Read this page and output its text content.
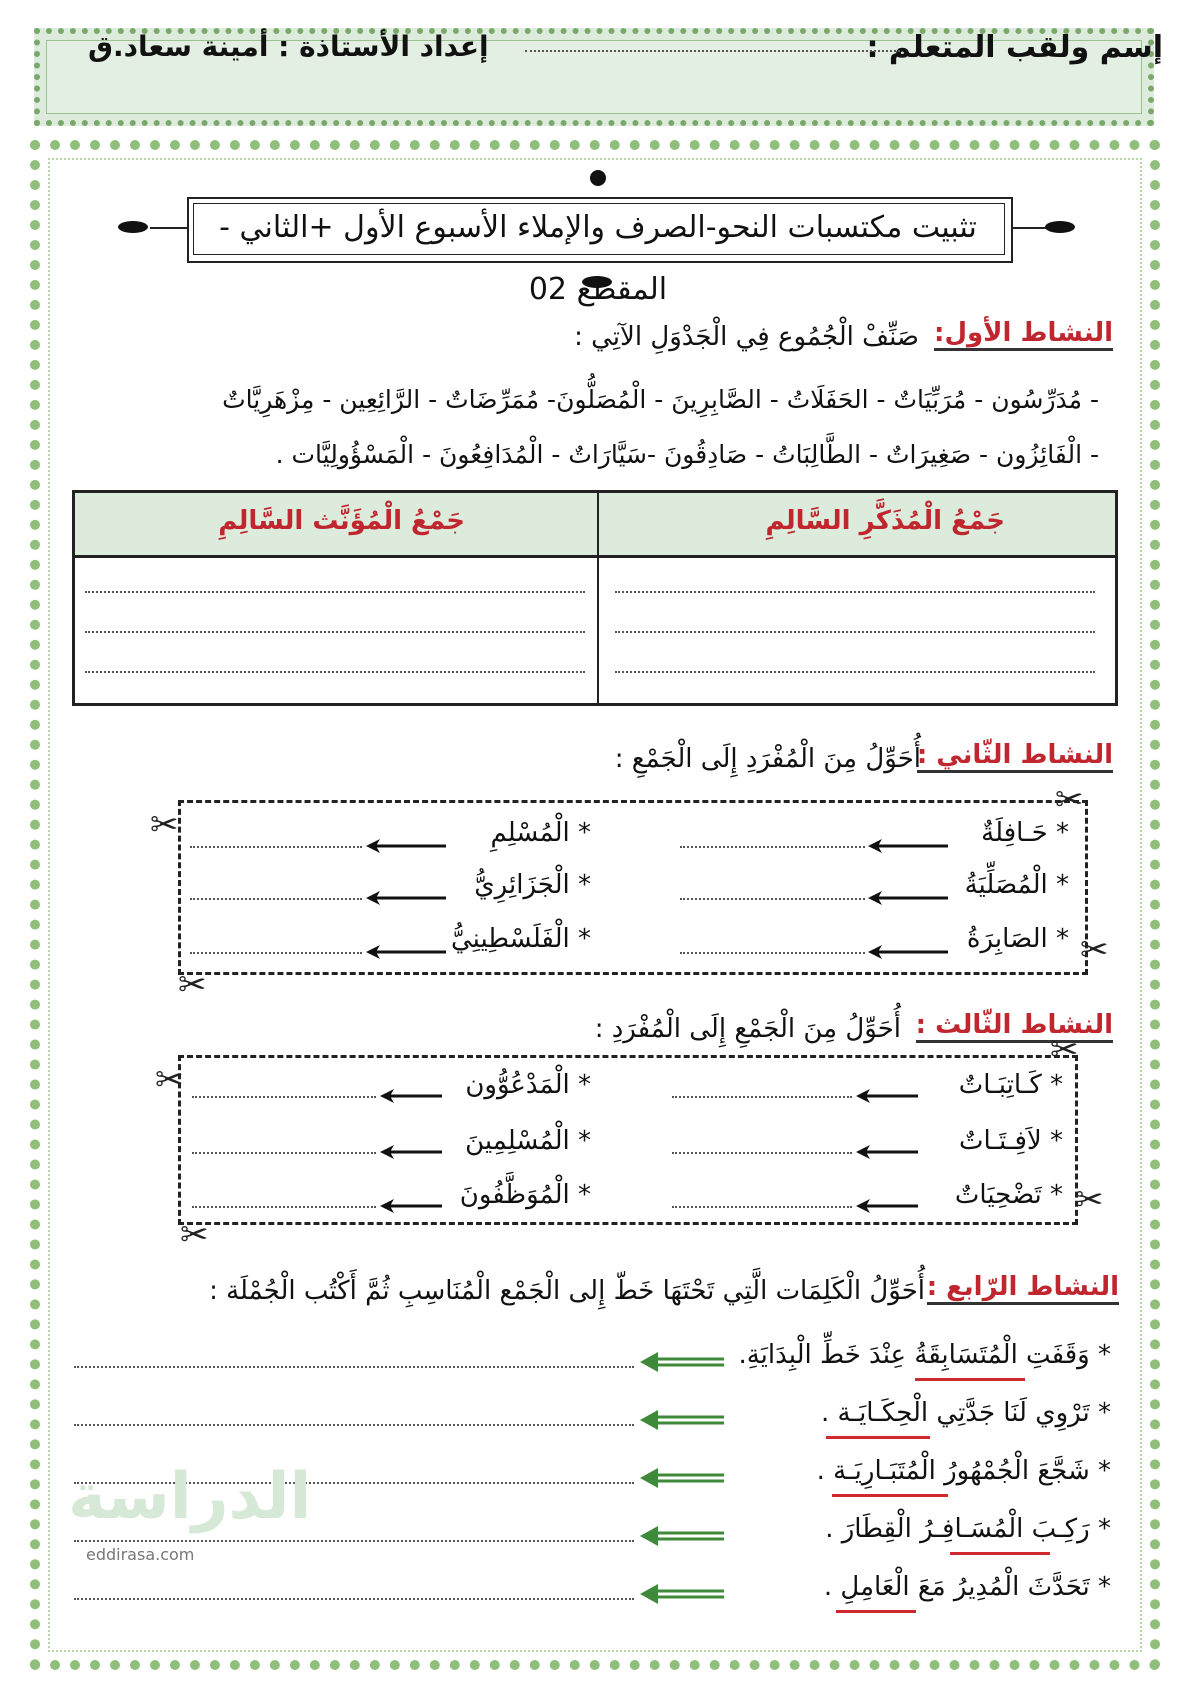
إسم ولقب المتعلم :
إعداد الأستاذة : أمينة سعاد.ق
تثبيت مكتسبات النحو-الصرف والإملاء الأسبوع الأول +الثاني - المقطع 02
النشاط الأول:
صَنِّفْ الْجُمُوع فِي الْجَدْوَلِ الآتِي :
- مُدَرِّسُون - مُرَبِّيَاتٌ - الحَفَلَاتُ - الصَّابِرِينَ - الْمُصَلُّونَ- مُمَرِّضَاتٌ - الرَّائِعِين - مِزْهَرِيَّاتٌ
- الْفَائِزُون - صَغِيرَاتٌ - الطَّالِبَاتُ - صَادِقُونَ -سَيَّارَاتٌ - الْمُدَافِعُونَ - الْمَسْؤُولِيَّات .
جَمْعُ الْمُذَكَّرِ السَّالِمِ
جَمْعُ الْمُؤَنَّث السَّالِمِ
النشاط الثّاني :
أُحَوِّلُ مِنَ الْمُفْرَدِ إِلَى الْجَمْعِ :
✂
✂
✂
✂
* حَـافِلَةٌ
* الْمُصَلِّيَةُ
* الصَابِرَةُ
* الْمُسْلِمِ
* الْجَزَائِرِيُّ
* الْفَلَسْطِينِيُّ
النشاط الثّالث :
أُحَوِّلُ مِنَ الْجَمْعِ إِلَى الْمُفْرَدِ :
✂
✂
✂
✂
* كَـاتِبَـاتٌ
* لاَفِـتَـاتٌ
* تَضْحِيَاتٌ
* الْمَدْعُوُّون
* الْمُسْلِمِينَ
* الْمُوَظَّفُونَ
النشاط الرّابع :
أُحَوِّلُ الْكَلِمَات الَّتِي تَحْتَهَا خَطّ إِلى الْجَمْع الْمُنَاسِبِ ثُمَّ أَكْتُب الْجُمْلَة :
* وَقَفَتِ الْمُتَسَابِقَةُ عِنْدَ خَطِّ الْبِدَايَةِ.
* تَرْوِي لَنَا جَدَّتِي الْحِكَـايَـة .
* شَجَّعَ الْجُمْهُورُ الْمُتَبَـارِيَـة .
* رَكِـبَ الْمُسَـافِـرُ الْقِطَارَ .
* تَحَدَّثَ الْمُدِيرُ مَعَ الْعَامِلِ .
الدراسة
eddirasa.com
